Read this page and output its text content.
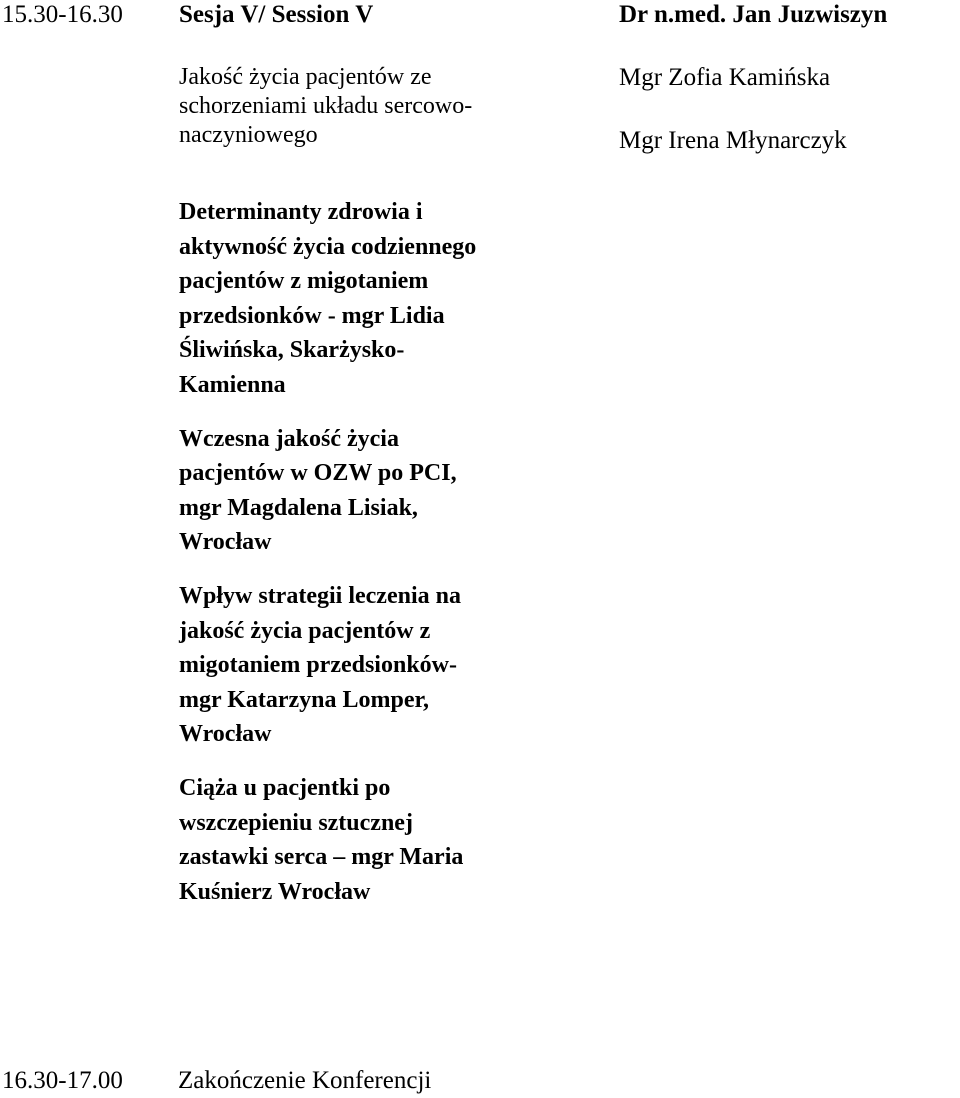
15.30-16.30 Sesja V/ Session V
Jakość życia pacjentów ze
schorzeniami układu sercowo-
naczyniowego
Dr n.med. Jan Juzwiszyn
Mgr Zofia Kamińska
Mgr Irena Młynarczyk
Determinanty zdrowia i
aktywność życia codziennego
pacjentów z migotaniem
przedsionków - mgr Lidia
Śliwińska, Skarżysko-
Kamienna
Wczesna jakość życia
pacjentów w OZW po PCI,
mgr Magdalena Lisiak,
Wrocław
Wpływ strategii leczenia na
jakość życia pacjentów z
migotaniem przedsionków-
mgr Katarzyna Lomper,
Wrocław
Ciąża u pacjentki po
wszczepieniu sztucznej
zastawki serca – mgr Maria
Kuśnierz Wrocław
16.30-17.00 Zakończenie Konferencji
